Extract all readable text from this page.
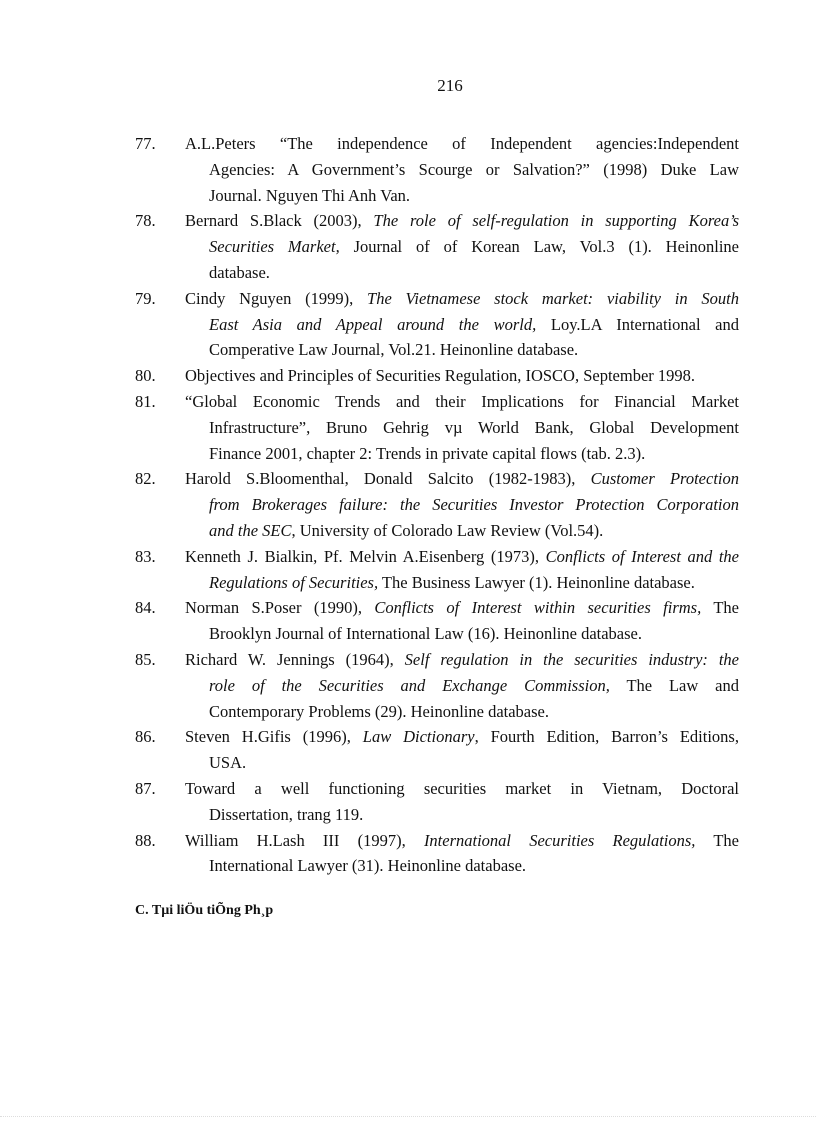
216
77. A.L.Peters “The independence of Independent agencies:Independent
Agencies: A Government’s Scourge or Salvation?” (1998) Duke Law
Journal. Nguyen Thi Anh Van.
78. Bernard S.Black (2003), The role of self-regulation in supporting Korea’s
Securities Market, Journal of of Korean Law, Vol.3 (1). Heinonline
database.
79. Cindy Nguyen (1999), The Vietnamese stock market: viability in South
East Asia and Appeal around the world, Loy.LA International and
Comperative Law Journal, Vol.21. Heinonline database.
80. Objectives and Principles of Securities Regulation, IOSCO, September 1998.
81. “Global Economic Trends and their Implications for Financial Market
Infrastructure”, Bruno Gehrig vµ World Bank, Global Development
Finance 2001, chapter 2: Trends in private capital flows (tab. 2.3).
82. Harold S.Bloomenthal, Donald Salcito (1982-1983), Customer Protection
from Brokerages failure: the Securities Investor Protection Corporation
and the SEC, University of Colorado Law Review (Vol.54).
83. Kenneth J. Bialkin, Pf. Melvin A.Eisenberg (1973), Conflicts of Interest and the
Regulations of Securities, The Business Lawyer (1). Heinonline database.
84. Norman S.Poser (1990), Conflicts of Interest within securities firms, The
Brooklyn Journal of International Law (16). Heinonline database.
85. Richard W. Jennings (1964), Self regulation in the securities industry: the
role of the Securities and Exchange Commission, The Law and
Contemporary Problems (29). Heinonline database.
86. Steven H.Gifis (1996), Law Dictionary, Fourth Edition, Barron’s Editions,
USA.
87. Toward a well functioning securities market in Vietnam, Doctoral
Dissertation, trang 119.
88. William H.Lash III (1997), International Securities Regulations, The
International Lawyer (31). Heinonline database.
C. Tµi liÖu tiÕng Ph¸p
